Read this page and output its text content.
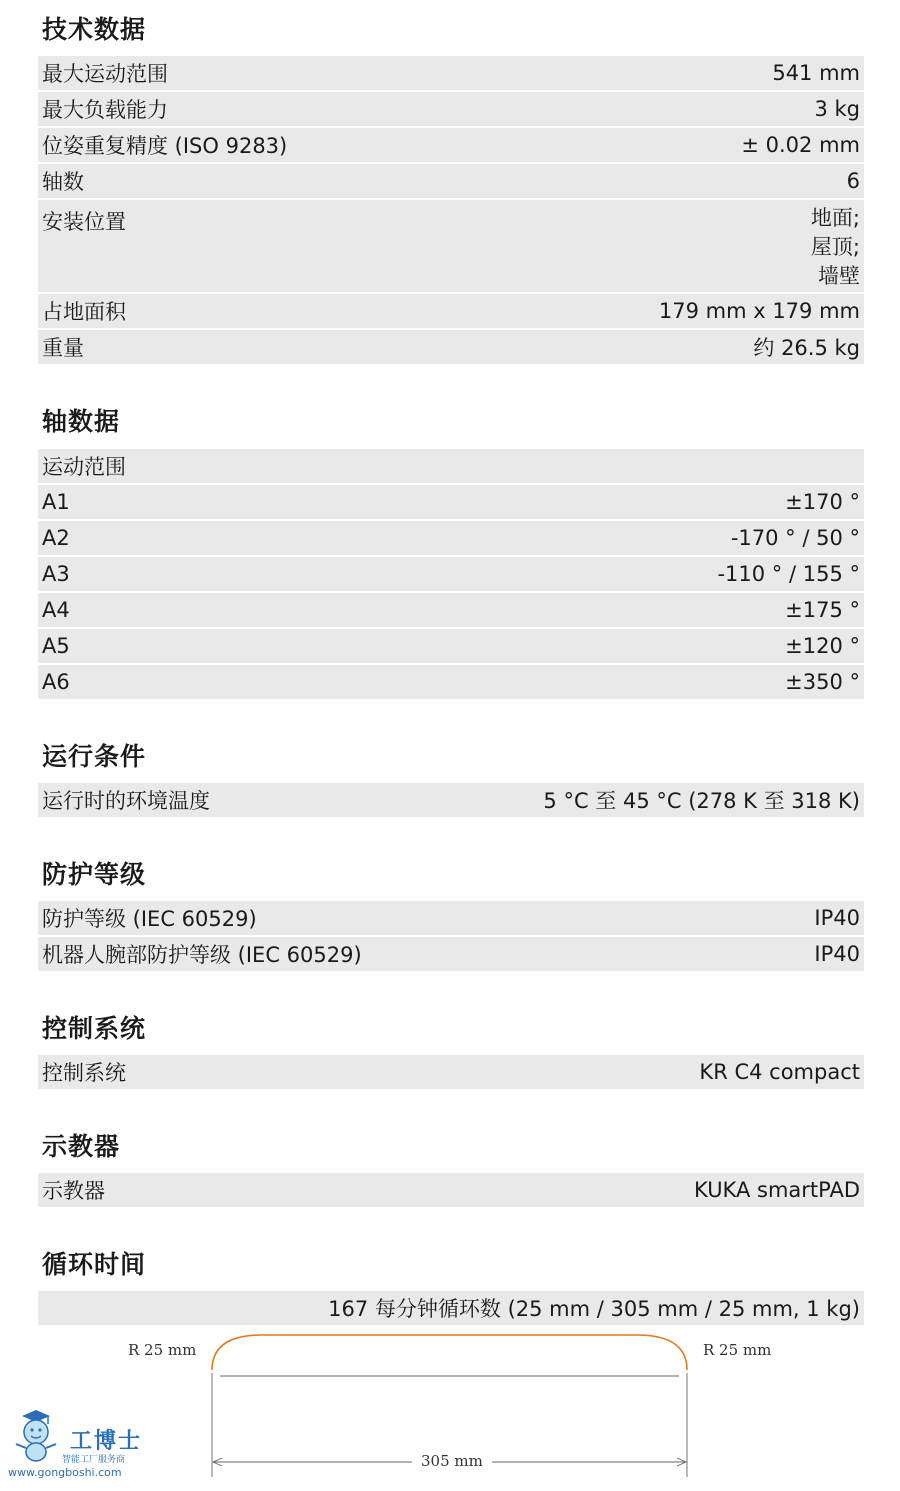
技术数据
最大运动范围	541 mm
最大负载能力	3 kg
位姿重复精度 (ISO 9283)	± 0.02 mm
轴数	6
安装位置	地面;
屋顶;
墙壁
占地面积	179 mm x 179 mm
重量	约 26.5 kg
轴数据
运动范围
A1	±170 °
A2	-170 ° / 50 °
A3	-110 ° / 155 °
A4	±175 °
A5	±120 °
A6	±350 °
运行条件
运行时的环境温度	5 °C 至 45 °C (278 K 至 318 K)
防护等级
防护等级 (IEC 60529)	IP40
机器人腕部防护等级 (IEC 60529)	IP40
控制系统
控制系统	KR C4 compact
示教器
示教器	KUKA smartPAD
循环时间
167 每分钟循环数 (25 mm / 305 mm / 25 mm, 1 kg)
R 25 mm	R 25 mm
305 mm
工博士
智能工厂服务商
www.gongboshi.com
